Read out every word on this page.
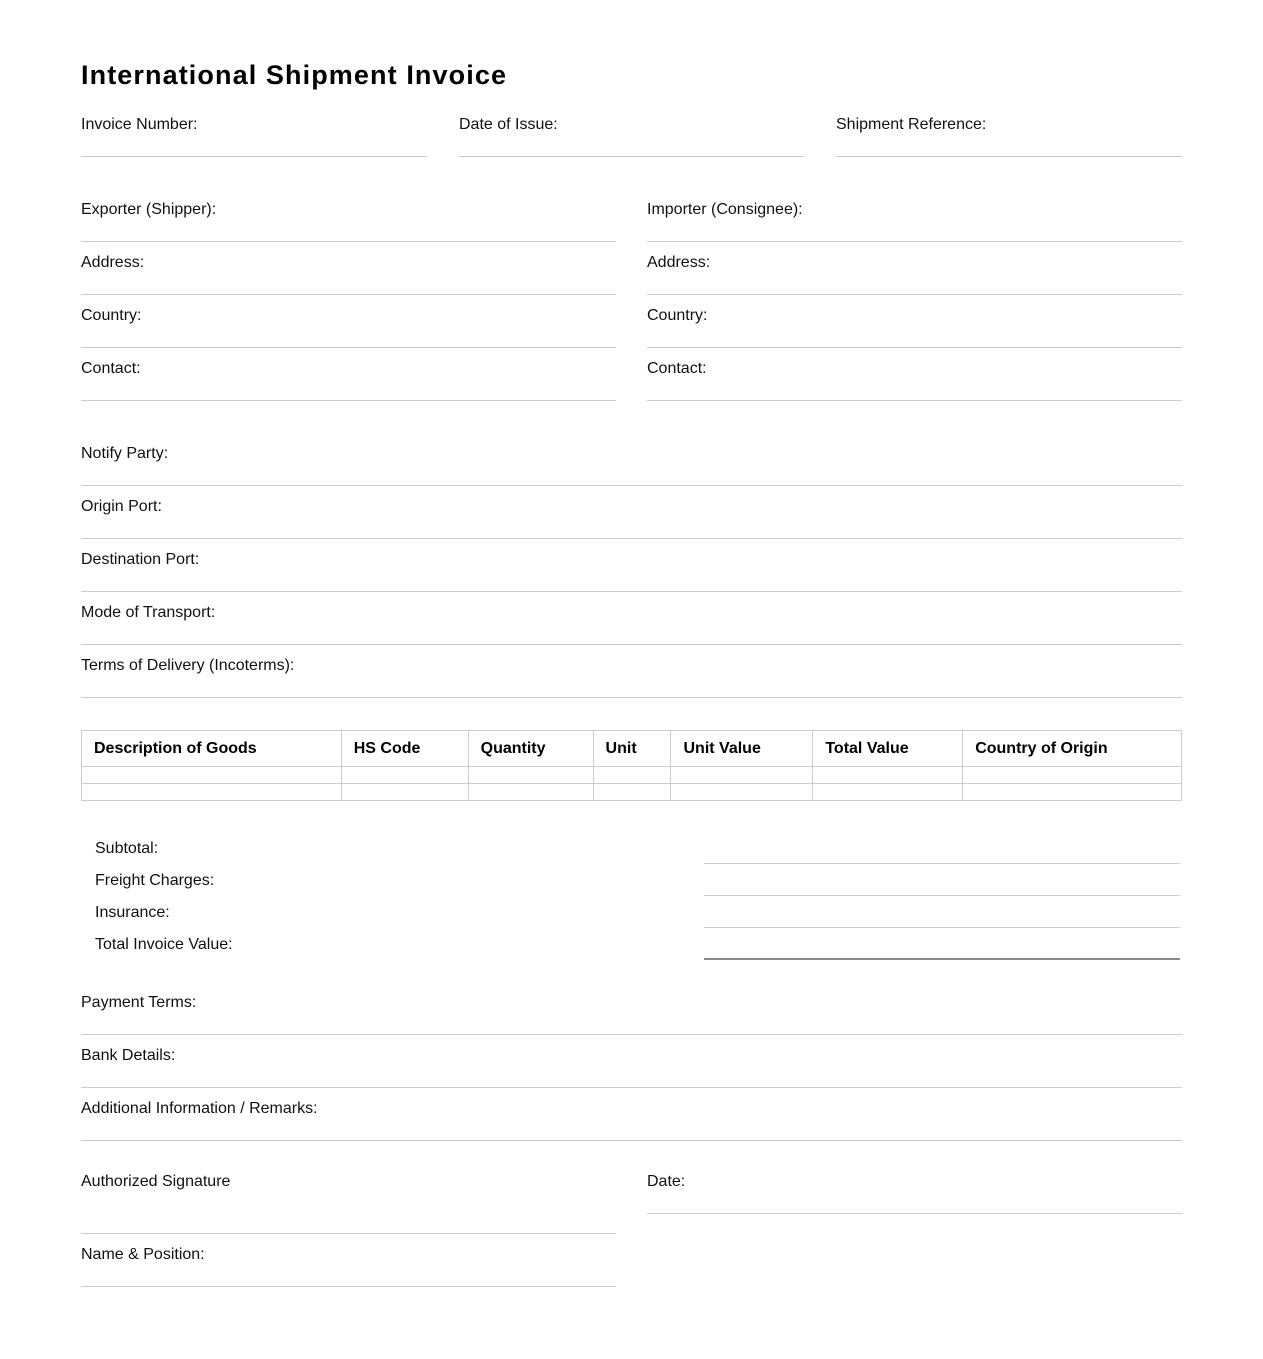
International Shipment Invoice
Invoice Number:	Date of Issue:	Shipment Reference:
Exporter (Shipper):
Address:
Country:
Contact:
Importer (Consignee):
Address:
Country:
Contact:
Notify Party:
Origin Port:
Destination Port:
Mode of Transport:
Terms of Delivery (Incoterms):
Description of Goods	HS Code	Quantity	Unit	Unit Value	Total Value	Country of Origin

Subtotal:
Freight Charges:
Insurance:
Total Invoice Value:
Payment Terms:
Bank Details:
Additional Information / Remarks:
Authorized Signature	Date:
Name & Position:
